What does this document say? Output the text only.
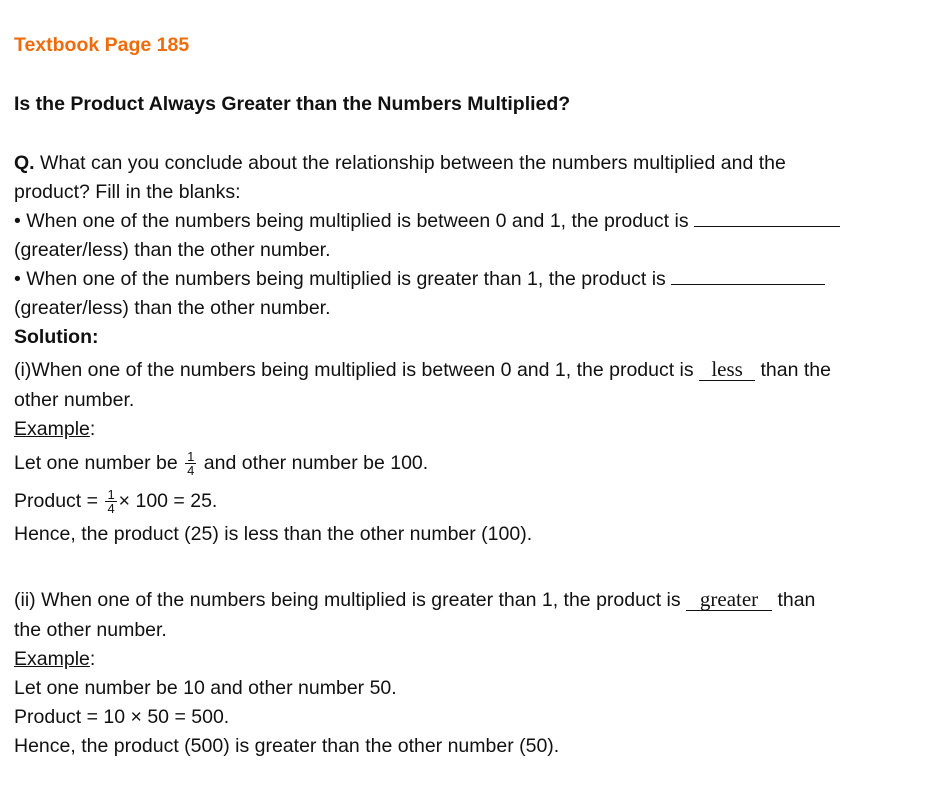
Textbook Page 185
Is the Product Always Greater than the Numbers Multiplied?
Q. What can you conclude about the relationship between the numbers multiplied and the
product? Fill in the blanks:
• When one of the numbers being multiplied is between 0 and 1, the product is
(greater/less) than the other number.
• When one of the numbers being multiplied is greater than 1, the product is
(greater/less) than the other number.
Solution:
(i)When one of the numbers being multiplied is between 0 and 1, the product is less than the
other number.
Example:
Let one number be $\frac{1}{4}$ and other number be 100.
Product = $\frac{1}{4} \times 100 = 25$.
Hence, the product (25) is less than the other number (100).
(ii) When one of the numbers being multiplied is greater than 1, the product is greater than
the other number.
Example:
Let one number be 10 and other number 50.
Product = 10 × 50 = 500.
Hence, the product (500) is greater than the other number (50).
